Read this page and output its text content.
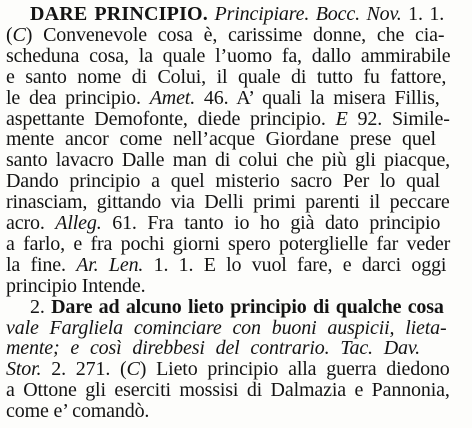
DARE PRINCIPIO. Principiare. Bocc. Nov. 1. 1.
(C) Convenevole cosa è, carissime donne, che cia-
scheduna cosa, la quale l’uomo fa, dallo ammirabile
e santo nome di Colui, il quale di tutto fu fattore,
le dea principio. Amet. 46. A’ quali la misera Fillis,
aspettante Demofonte, diede principio. E 92. Simile-
mente ancor come nell’acque Giordane prese quel
santo lavacro Dalle man di colui che più gli piacque,
Dando principio a quel misterio sacro Per lo qual
rinasciam, gittando via Delli primi parenti il peccare
acro. Alleg. 61. Fra tanto io ho già dato principio
a farlo, e fra pochi giorni spero poterglielle far veder
la fine. Ar. Len. 1. 1. E lo vuol fare, e darci oggi
principio Intende.
2. Dare ad alcuno lieto principio di qualche cosa
vale Fargliela cominciare con buoni auspicii, lieta-
mente; e così direbbesi del contrario. Tac. Dav.
Stor. 2. 271. (C) Lieto principio alla guerra diedono
a Ottone gli eserciti mossisi di Dalmazia e Pannonia,
come e’ comandò.
